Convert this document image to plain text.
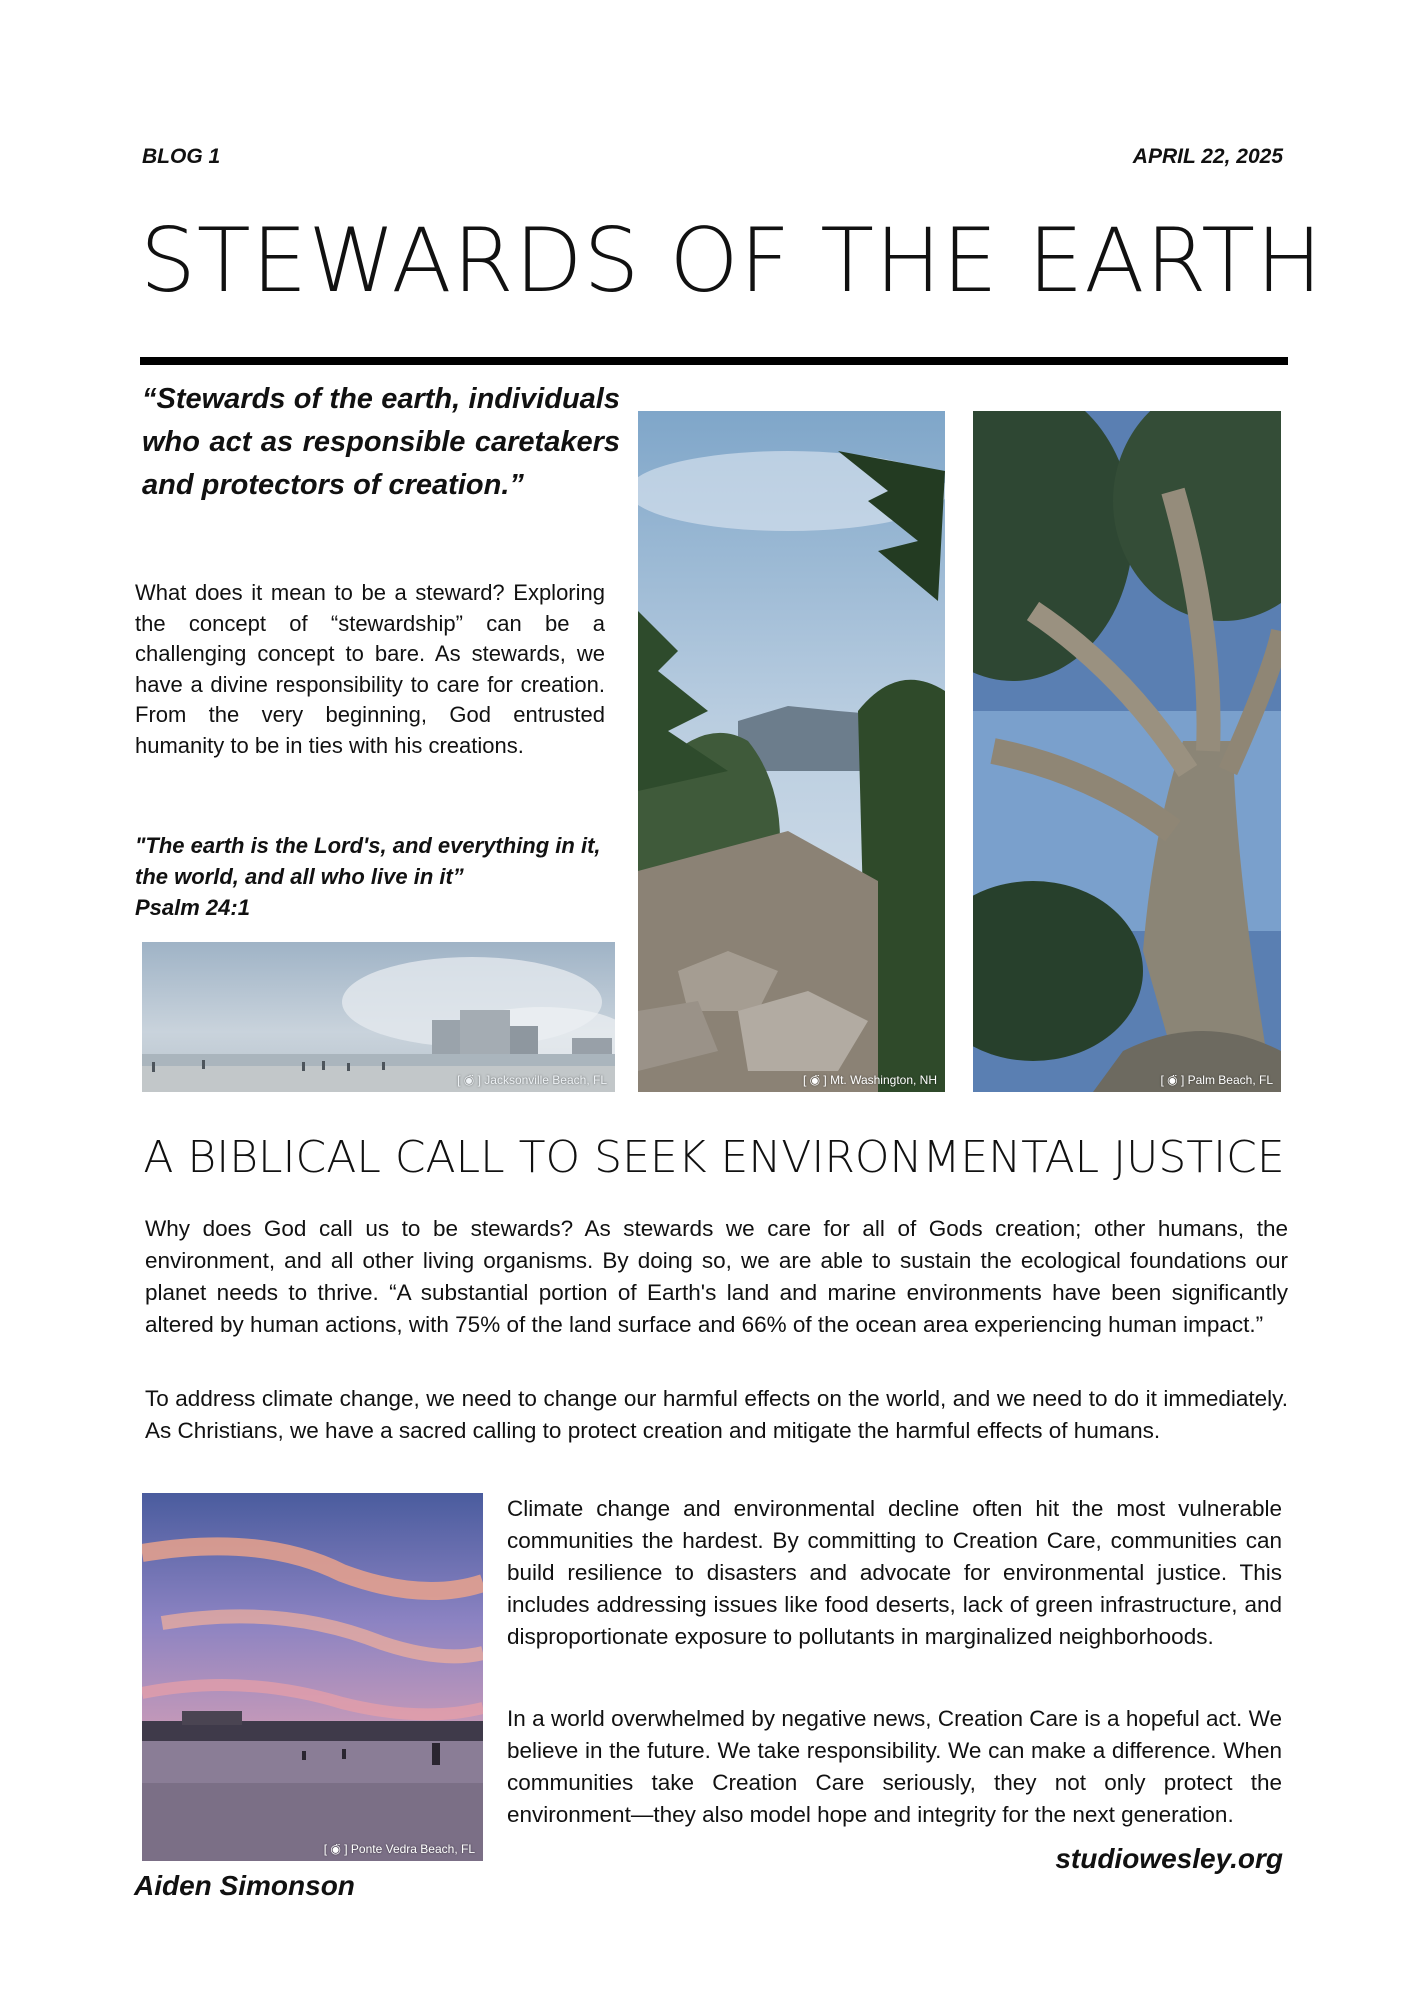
BLOG 1	APRIL 22, 2025
STEWARDS OF THE EARTH
“Stewards of the earth, individuals who act as responsible caretakers and protectors of creation.”
What does it mean to be a steward? Exploring the concept of “stewardship” can be a challenging concept to bare. As stewards, we have a divine responsibility to care for creation. From the very beginning, God entrusted humanity to be in ties with his creations.
"The earth is the Lord's, and everything in it, the world, and all who live in it”
Psalm 24:1
[ ◉̈ ] Jacksonville Beach, FL	[ ◉̈ ] Mt. Washington, NH	[ ◉̈ ] Palm Beach, FL
A BIBLICAL CALL TO SEEK ENVIRONMENTAL JUSTICE
Why does God call us to be stewards? As stewards we care for all of Gods creation; other humans, the environment, and all other living organisms. By doing so, we are able to sustain the ecological foundations our planet needs to thrive. “A substantial portion of Earth's land and marine environments have been significantly altered by human actions, with 75% of the land surface and 66% of the ocean area experiencing human impact.”
To address climate change, we need to change our harmful effects on the world, and we need to do it immediately. As Christians, we have a sacred calling to protect creation and mitigate the harmful effects of humans.
[ ◉̈ ] Ponte Vedra Beach, FL
Climate change and environmental decline often hit the most vulnerable communities the hardest. By committing to Creation Care, communities can build resilience to disasters and advocate for environmental justice. This includes addressing issues like food deserts, lack of green infrastructure, and disproportionate exposure to pollutants in marginalized neighborhoods.
In a world overwhelmed by negative news, Creation Care is a hopeful act. We believe in the future. We take responsibility. We can make a difference. When communities take Creation Care seriously, they not only protect the environment—they also model hope and integrity for the next generation.
Aiden Simonson
studiowesley.org
